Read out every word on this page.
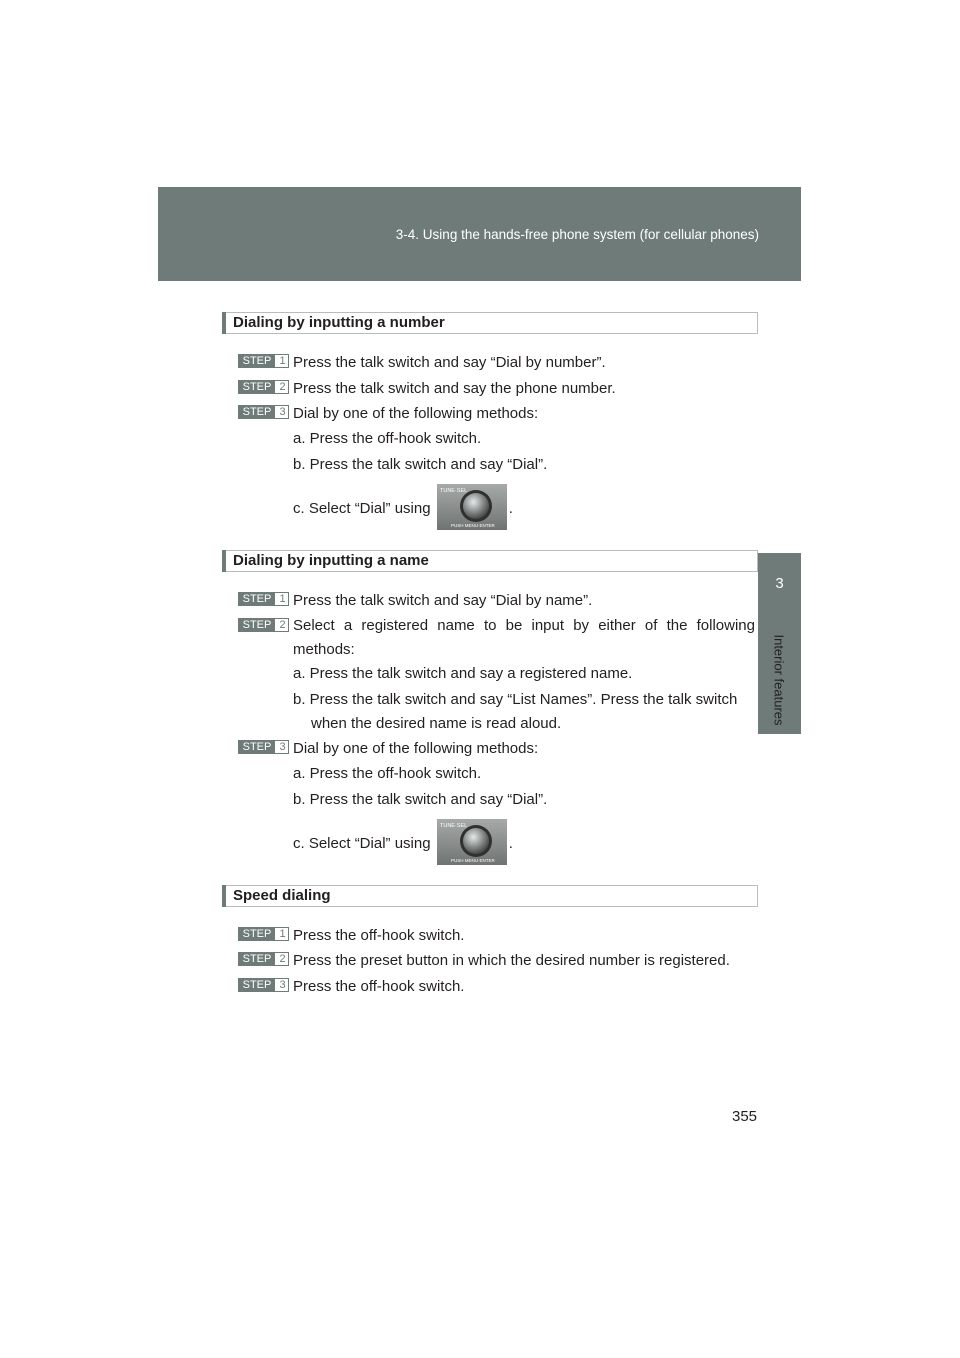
3-4. Using the hands-free phone system (for cellular phones)
3
Interior features
Dialing by inputting a number
STEP 1 Press the talk switch and say “Dial by number”.
STEP 2 Press the talk switch and say the phone number.
STEP 3 Dial by one of the following methods:
a. Press the off-hook switch.
b. Press the talk switch and say “Dial”.
c. Select “Dial” using
TUNE·SEL
PUSH MENU·ENTER
.
Dialing by inputting a name
STEP 1 Press the talk switch and say “Dial by name”.
STEP 2 Select a registered name to be input by either of the following methods:
a. Press the talk switch and say a registered name.
b. Press the talk switch and say “List Names”. Press the talk switch when the desired name is read aloud.
STEP 3 Dial by one of the following methods:
a. Press the off-hook switch.
b. Press the talk switch and say “Dial”.
c. Select “Dial” using
TUNE·SEL
PUSH MENU·ENTER
.
Speed dialing
STEP 1 Press the off-hook switch.
STEP 2 Press the preset button in which the desired number is registered.
STEP 3 Press the off-hook switch.
355
